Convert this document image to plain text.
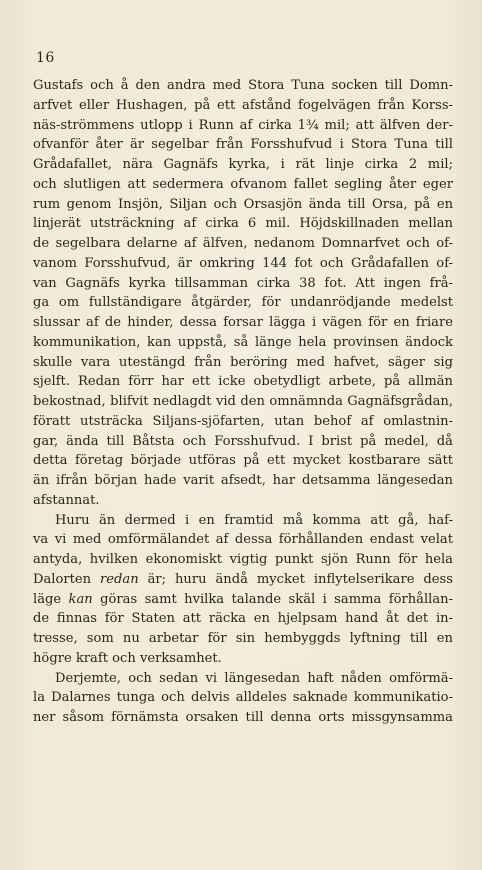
16
Gustafs och å den andra med Stora Tuna socken till Domn-
arfvet eller Hushagen, på ett afstånd fogelvägen från Korss-
näs-strömmens utlopp i Runn af cirka 1¾ mil; att älfven der-
ofvanför åter är segelbar från Forsshufvud i Stora Tuna till
Grådafallet, nära Gagnäfs kyrka, i rät linje cirka 2 mil;
och slutligen att sedermera ofvanom fallet segling åter eger
rum genom Insjön, Siljan och Orsasjön ända till Orsa, på en
linjerät utsträckning af cirka 6 mil. Höjdskillnaden mellan
de segelbara delarne af älfven, nedanom Domnarfvet och of-
vanom Forsshufvud, är omkring 144 fot och Grådafallen of-
van Gagnäfs kyrka tillsamman cirka 38 fot. Att ingen frå-
ga om fullständigare åtgärder, för undanrödjande medelst
slussar af de hinder, dessa forsar lägga i vägen för en friare
kommunikation, kan uppstå, så länge hela provinsen ändock
skulle vara utestängd från beröring med hafvet, säger sig
sjelft. Redan förr har ett icke obetydligt arbete, på allmän
bekostnad, blifvit nedlagdt vid den omnämnda Gagnäfsgrådan,
föratt utsträcka Siljans-sjöfarten, utan behof af omlastnin-
gar, ända till Båtsta och Forsshufvud. I brist på medel, då
detta företag började utföras på ett mycket kostbarare sätt
än ifrån början hade varit afsedt, har detsamma längesedan
afstannat.
Huru än dermed i en framtid må komma att gå, haf-
va vi med omförmälandet af dessa förhållanden endast velat
antyda, hvilken ekonomiskt vigtig punkt sjön Runn för hela
Dalorten redan är; huru ändå mycket inflytelserikare dess
läge kan göras samt hvilka talande skäl i samma förhållan-
de finnas för Staten att räcka en hjelpsam hand åt det in-
tresse, som nu arbetar för sin hembyggds lyftning till en
högre kraft och verksamhet.
Derjemte, och sedan vi längesedan haft nåden omförmä-
la Dalarnes tunga och delvis alldeles saknade kommunikatio-
ner såsom förnämsta orsaken till denna orts missgynsamma
